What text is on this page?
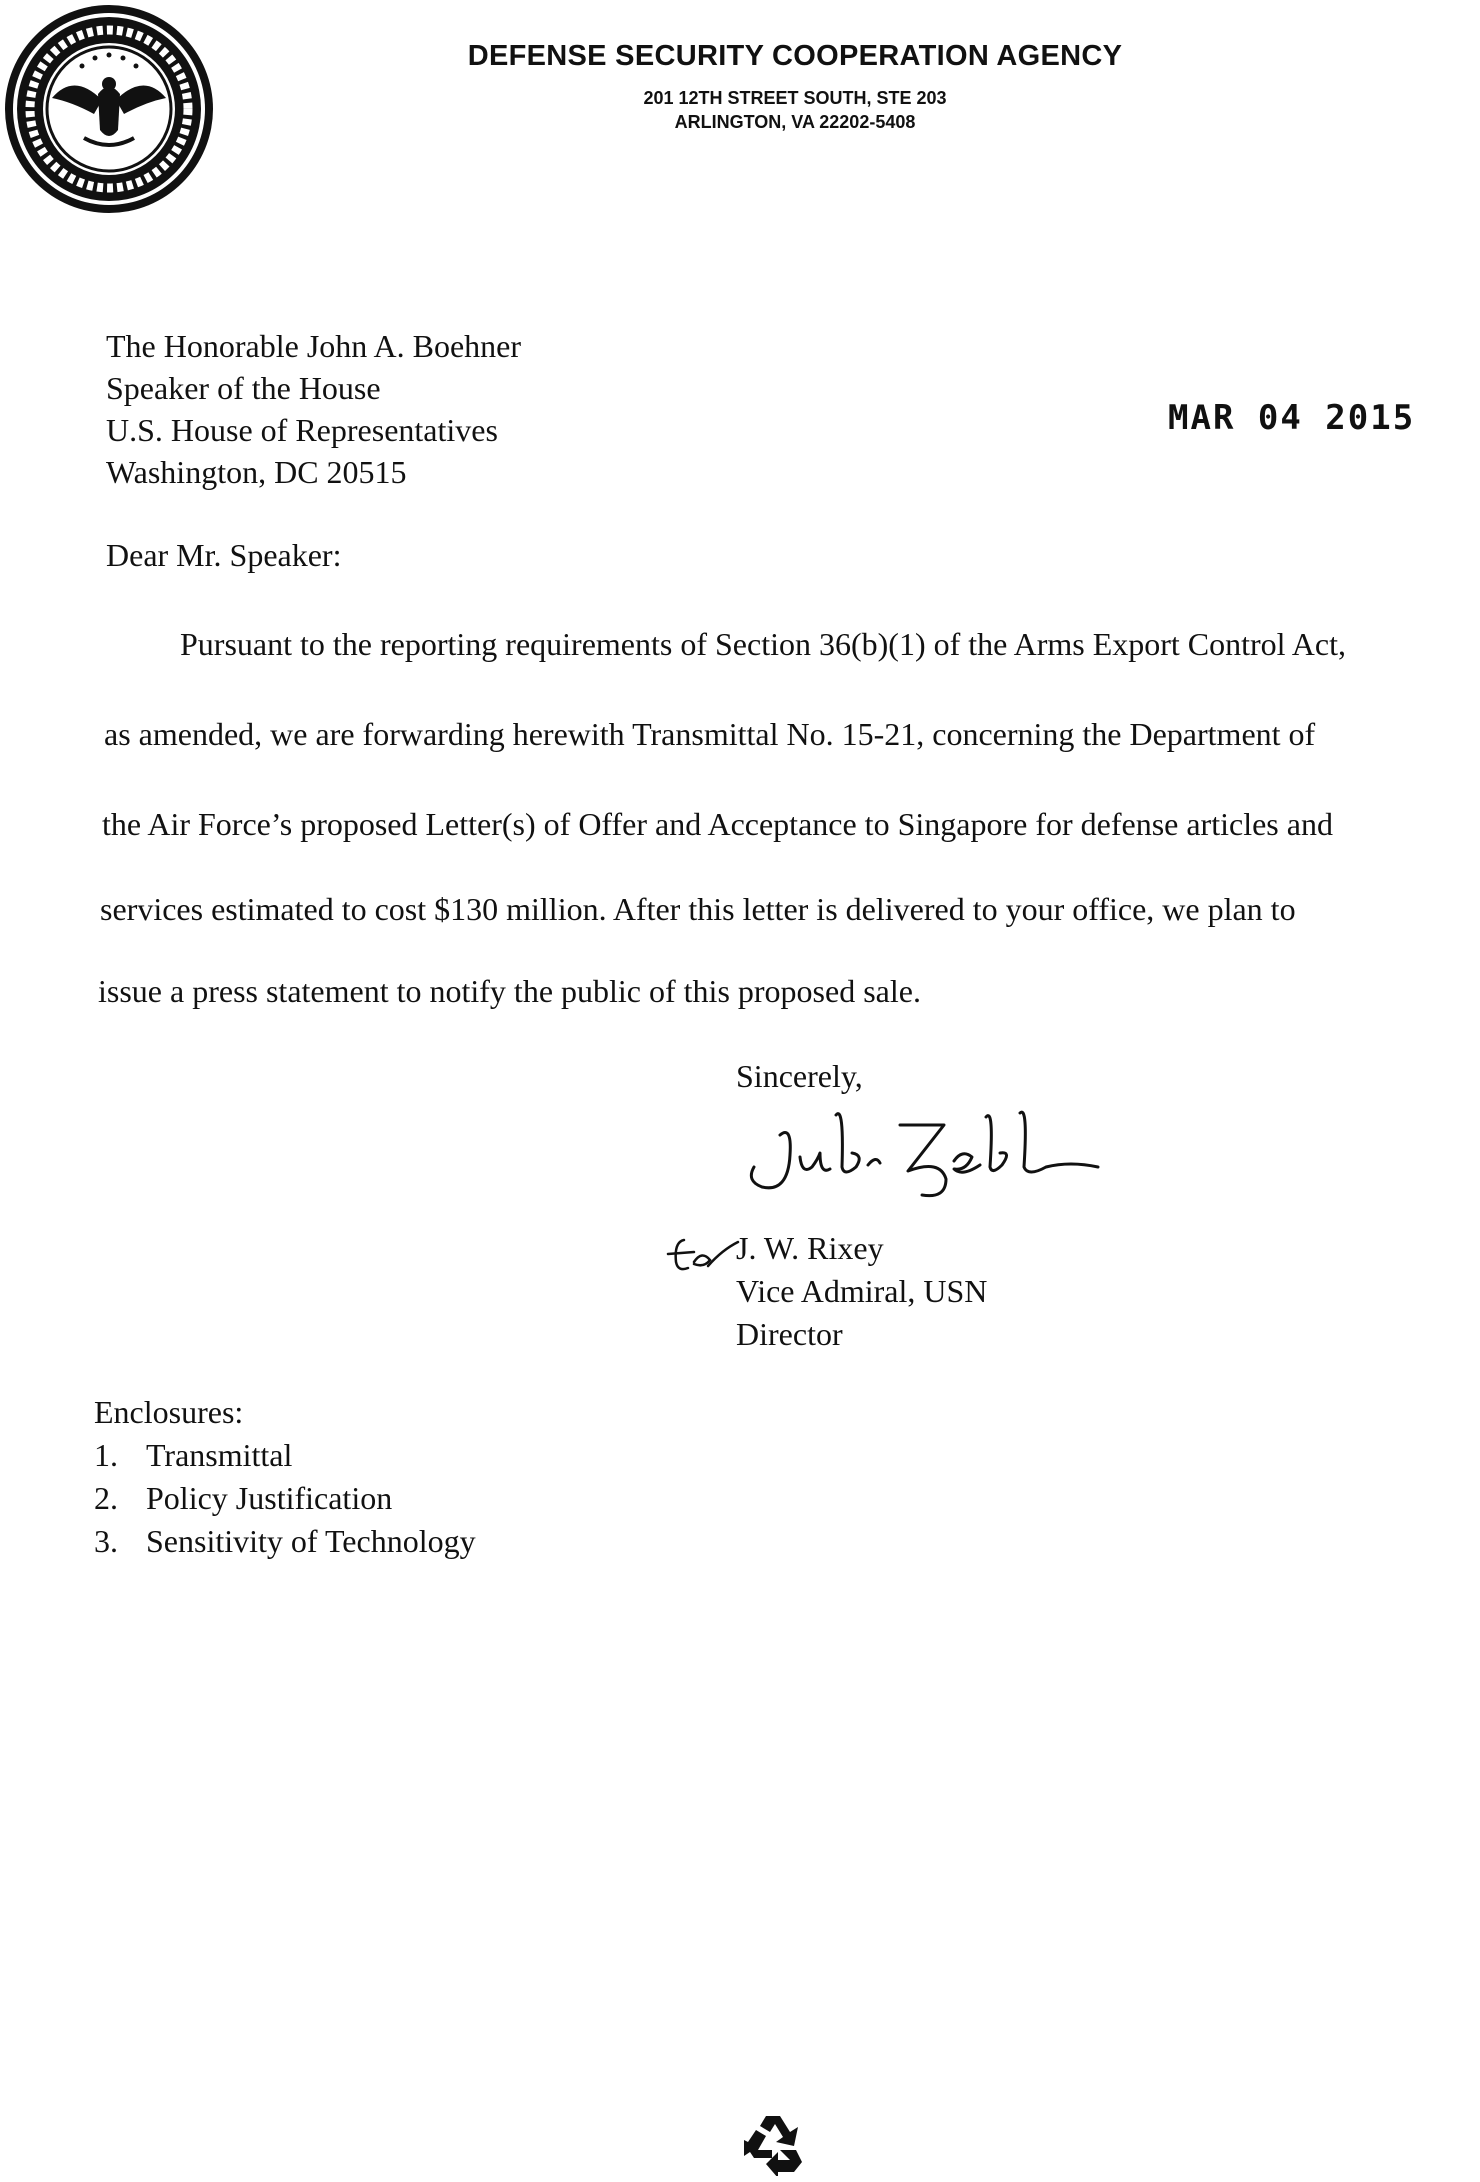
DEFENSE SECURITY COOPERATION AGENCY
201 12TH STREET SOUTH, STE 203
ARLINGTON, VA 22202-5408
The Honorable John A. Boehner
Speaker of the House
U.S. House of Representatives
Washington, DC 20515
MAR 04 2015
Dear Mr. Speaker:
Pursuant to the reporting requirements of Section 36(b)(1) of the Arms Export Control Act,
as amended, we are forwarding herewith Transmittal No. 15-21, concerning the Department of
the Air Force’s proposed Letter(s) of Offer and Acceptance to Singapore for defense articles and
services estimated to cost $130 million. After this letter is delivered to your office, we plan to
issue a press statement to notify the public of this proposed sale.
Sincerely,
J. W. Rixey
Vice Admiral, USN
Director
Enclosures:
1. Transmittal
2. Policy Justification
3. Sensitivity of Technology
